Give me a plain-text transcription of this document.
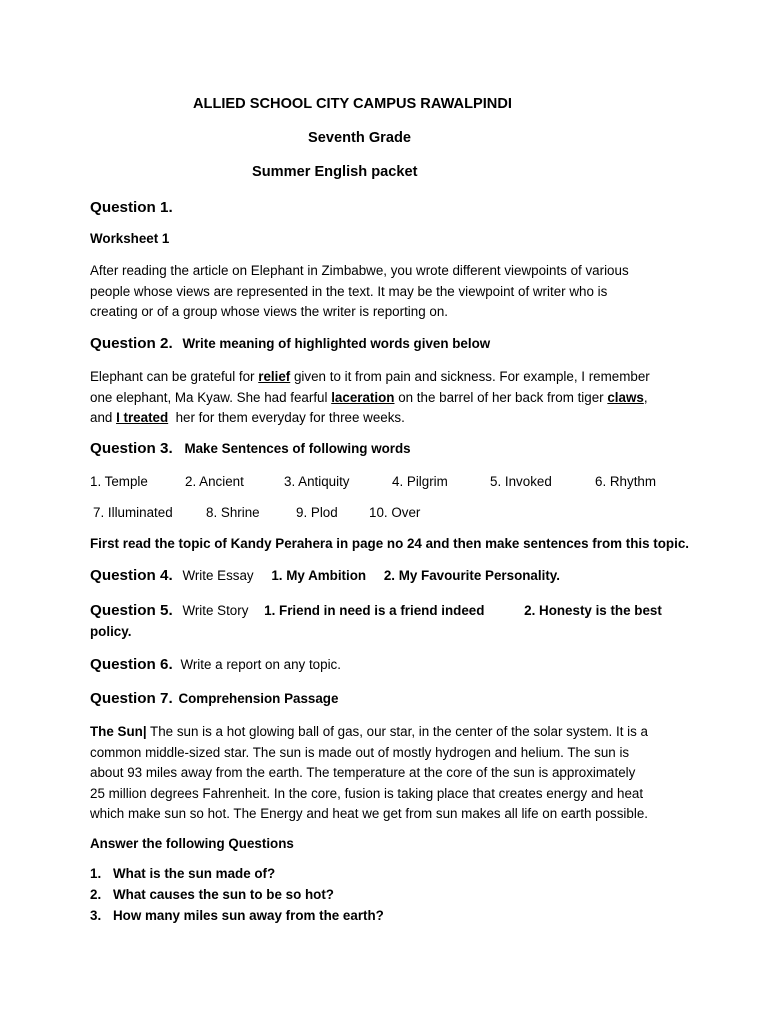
ALLIED SCHOOL CITY CAMPUS RAWALPINDI
Seventh Grade
Summer English packet
Question 1.
Worksheet 1
After reading the article on Elephant in Zimbabwe, you wrote different viewpoints of various
people whose views are represented in the text. It may be the viewpoint of writer who is
creating or of a group whose views the writer is reporting on.
Question 2. Write meaning of highlighted words given below
Elephant can be grateful for relief given to it from pain and sickness. For example, I remember
one elephant, Ma Kyaw. She had fearful laceration on the barrel of her back from tiger claws,
and I treated  her for them everyday for three weeks.
Question 3. Make Sentences of following words
1. Temple	2. Ancient	3. Antiquity	4. Pilgrim	5. Invoked	6. Rhythm
7. Illuminated 8. Shrine	9. Plod 10. Over
First read the topic of Kandy Perahera in page no 24 and then make sentences from this topic.
Question 4. Write Essay 1. My Ambition 2. My Favourite Personality.
Question 5. Write Story 1. Friend in need is a friend indeed	2. Honesty is the best
policy.
Question 6. Write a report on any topic.
Question 7. Comprehension Passage
The Sun| The sun is a hot glowing ball of gas, our star, in the center of the solar system. It is a
common middle-sized star. The sun is made out of mostly hydrogen and helium. The sun is
about 93 miles away from the earth. The temperature at the core of the sun is approximately
25 million degrees Fahrenheit. In the core, fusion is taking place that creates energy and heat
which make sun so hot. The Energy and heat we get from sun makes all life on earth possible.
Answer the following Questions
1. What is the sun made of?
2. What causes the sun to be so hot?
3. How many miles sun away from the earth?
